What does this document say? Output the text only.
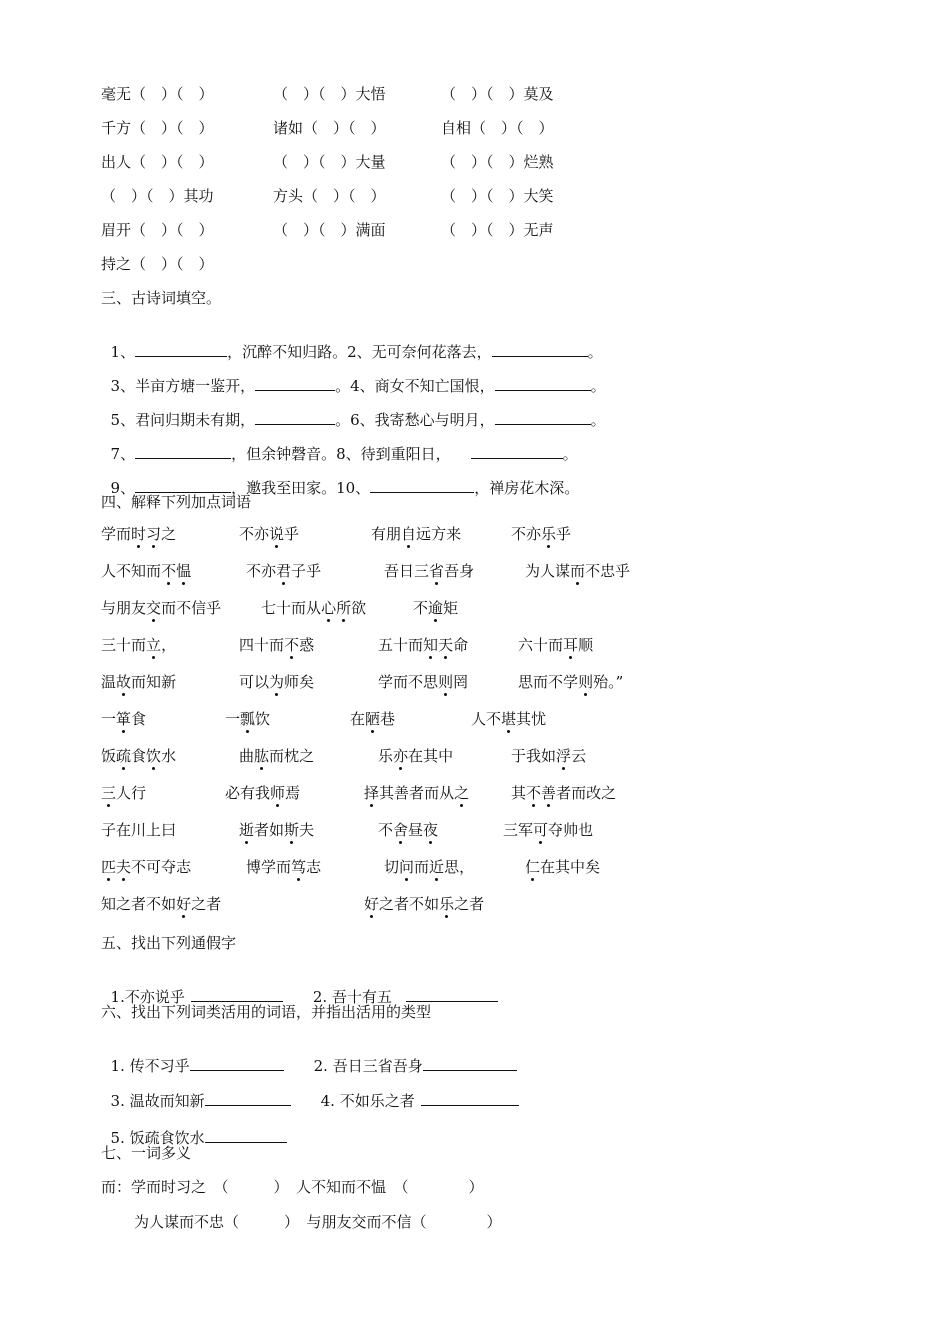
毫无（　）（　）	（　）（　）大悟	（　）（　）莫及
千方（　）（　）	诸如（　）（　）	自相（　）（　）
出人（　）（　）	（　）（　）大量	（　）（　）烂熟
（　）（　）其功	方头（　）（　）	（　）（　）大笑
眉开（　）（　）	（　）（　）满面	（　）（　）无声
持之（　）（　）
三、古诗词填空。

1、	，沉醉不知归路。2、无可奈何花落去，	。

3、半亩方塘一鉴开，	。4、商女不知亡国恨，	。

5、君问归期未有期，	。6、我寄愁心与明月，	。

7、	，但余钟磬音。8、待到重阳日，	。

9、	，邀我至田家。10、	，禅房花木深。

四、解释下列加点词语
学而时习之	不亦说乎	有朋自远方来	不亦乐乎
人不知而不愠	不亦君子乎	吾日三省吾身	为人谋而不忠乎
与朋友交而不信乎	七十而从心所欲	不逾矩
三十而立，	四十而不惑	五十而知天命	六十而耳顺
温故而知新	可以为师矣	学而不思则罔	思而不学则殆。”
一箪食	一瓢饮	在陋巷	人不堪其忧
饭疏食饮水	曲肱而枕之	乐亦在其中	于我如浮云
三人行	必有我师焉	择其善者而从之	其不善者而改之
子在川上曰	逝者如斯夫	不舍昼夜	三军可夺帅也
匹夫不可夺志	博学而笃志	切问而近思，	仁在其中矣
知之者不如好之者	好之者不如乐之者
五、找出下列通假字

1.不亦说乎	2. 吾十有五

六、找出下列词类活用的词语，并指出活用的类型

1. 传不习乎	2. 吾日三省吾身

3. 温故而知新	4. 不如乐之者

5. 饭疏食饮水

七、一词多义
而：学而时习之　（　　　）　人不知而不愠　（　　　　）
为人谋而不忠（　　　）　与朋友交而不信（　　　　）
